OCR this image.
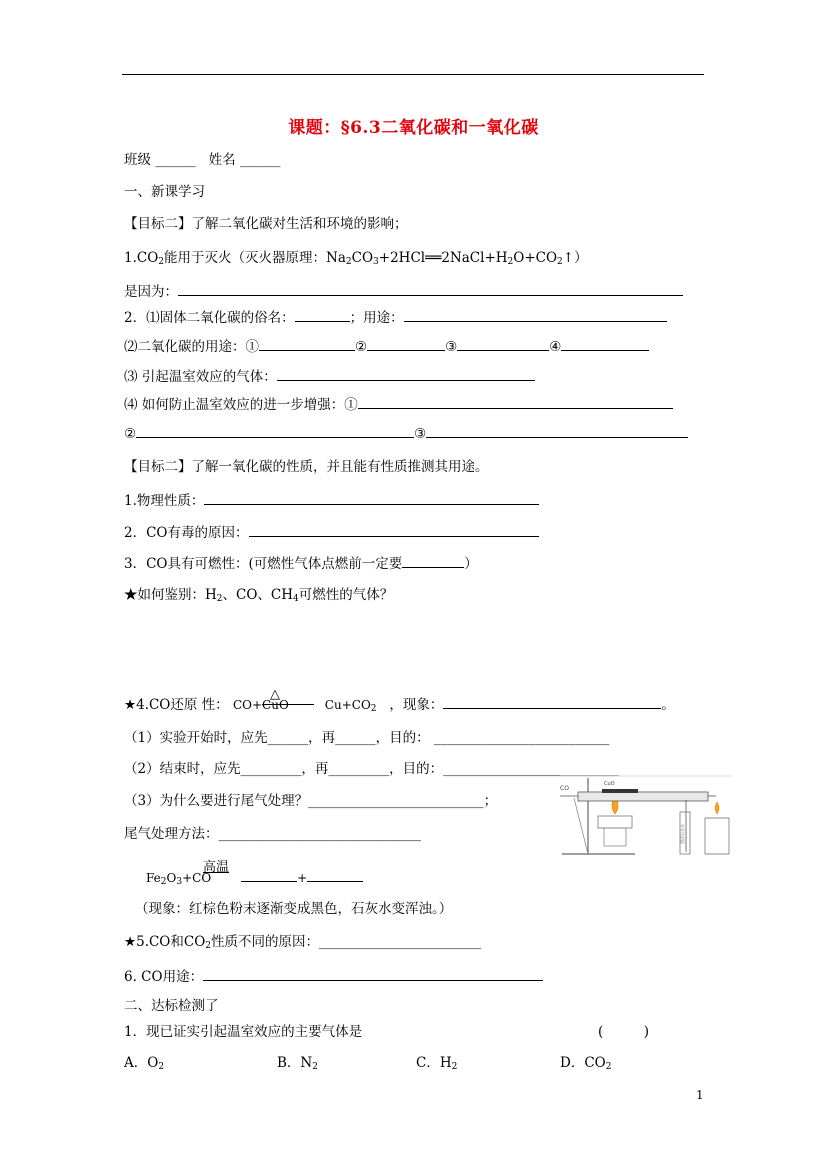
课题：§6.3二氧化碳和一氧化碳
班级 ______ 姓名 ______
一、新课学习
【目标二】了解二氧化碳对生活和环境的影响；
$1.CO_2$能用于灭火（灭火器原理：$Na_2CO_3+2HCl══2NaCl+H_2O+CO_2↑$）
是因为：
2．⑴固体二氧化碳的俗名：	；用途：
⑵二氧化碳的用途：①	②	③	④
⑶ 引起温室效应的气体：
⑷ 如何防止温室效应的进一步增强：①
②	③
【目标二】了解一氧化碳的性质，并且能有性质推测其用途。
1.物理性质：
2．CO有毒的原因：
3．CO具有可燃性：(可燃性气体点燃前一定要	）
★如何鉴别：$H_2$、CO、$CH_4$可燃性的气体？
△
★4.CO还原 性： CO+CuO	$Cu+CO_2$   ，现象：	。
（1）实验开始时，应先______，再______，目的： __________________________
（2）结束时，应先_________，再_________，目的：__________________________
（3）为什么要进行尾气处理？__________________________；
尾气处理方法：______________________________
CO
CuO
澄清石灰水
高温
$Fe_2O_3+CO$	+
（现象：红棕色粉末逐渐变成黑色，石灰水变浑浊。）
★5.CO和$CO_2$性质不同的原因：________________________
6. CO用途：
二、达标检测了
1．现已证实引起温室效应的主要气体是	(　　　)
A．$O_2$	B．$N_2$	C．$H_2$	D．$CO_2$
1
